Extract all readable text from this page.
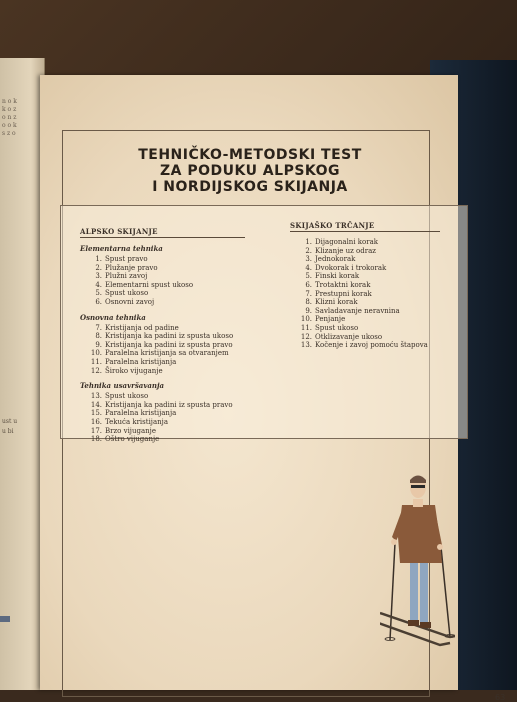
n o k
k o z
o n z
o o k
s z o
ust u
u bi
TEHNIČKO-METODSKI TEST
ZA PODUKU ALPSKOG
I NORDIJSKOG SKIJANJA
ALPSKO SKIJANJE
Elementarna tehnika
1. Spust pravo
2. Plužanje pravo
3. Plužni zavoj
4. Elementarni spust ukoso
5. Spust ukoso
6. Osnovni zavoj
Osnovna tehnika
7. Kristijanja od padine
8. Kristijanja ka padini iz spusta ukoso
9. Kristijanja ka padini iz spusta pravo
10. Paralelna kristijanja sa otvaranjem
11. Paralelna kristijanja
12. Široko vijuganje
Tehnika usavršavanja
13. Spust ukoso
14. Kristijanja ka padini iz spusta pravo
15. Paralelna kristijanja
16. Tekuća kristijanja
17. Brzo vijuganje
18. Oštro vijuganje
SKIJAŠKO TRČANJE
1. Dijagonalni korak
2. Klizanje uz odraz
3. Jednokorak
4. Dvokorak i trokorak
5. Finski korak
6. Trotaktni korak
7. Prestupni korak
8. Klizni korak
9. Savladavanje neravnina
10. Penjanje
11. Spust ukoso
12. Otklizavanje ukoso
13. Kočenje i zavoj pomoću štapova
63
